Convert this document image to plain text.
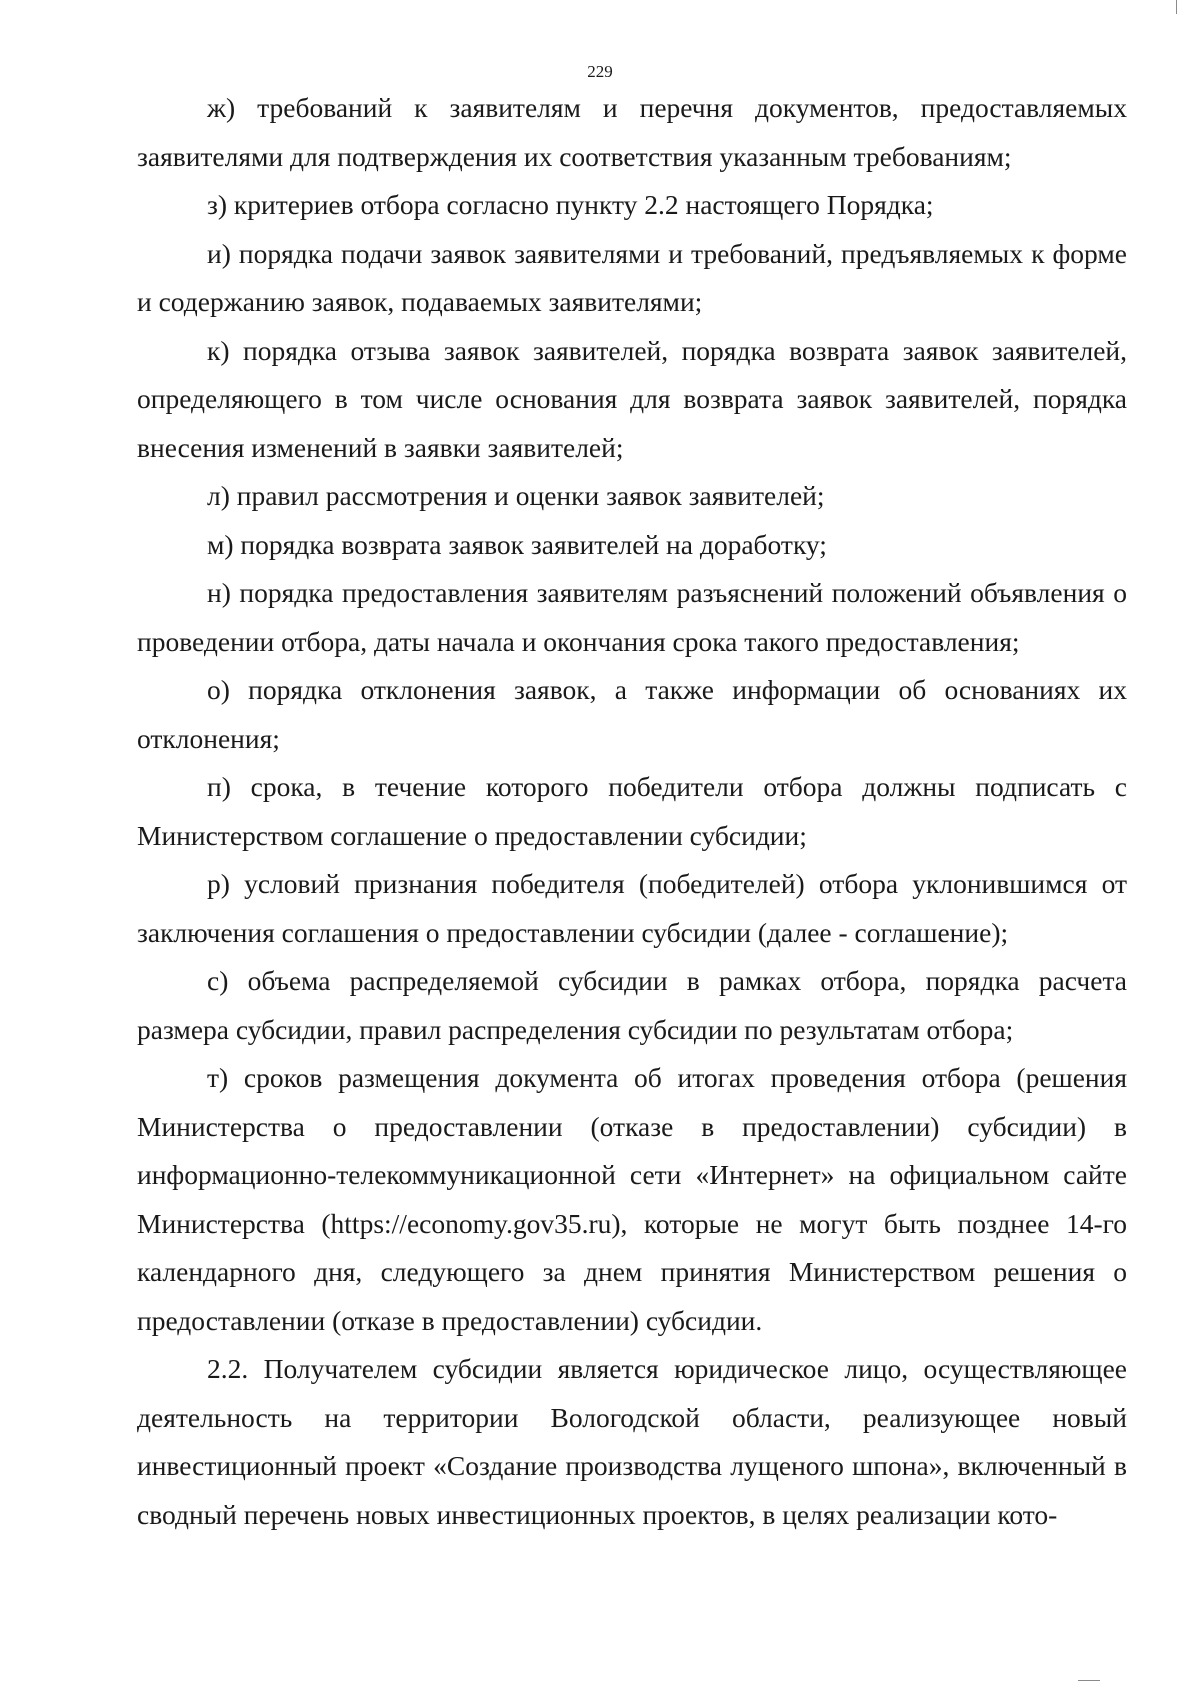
229

ж) требований к заявителям и перечня документов, предоставляемых заявителями для подтверждения их соответствия указанным требованиям;

з) критериев отбора согласно пункту 2.2 настоящего Порядка;

и) порядка подачи заявок заявителями и требований, предъявляемых к форме и содержанию заявок, подаваемых заявителями;

к) порядка отзыва заявок заявителей, порядка возврата заявок заявителей, определяющего в том числе основания для возврата заявок заявителей, порядка внесения изменений в заявки заявителей;

л) правил рассмотрения и оценки заявок заявителей;

м) порядка возврата заявок заявителей на доработку;

н) порядка предоставления заявителям разъяснений положений объявления о проведении отбора, даты начала и окончания срока такого предоставления;

о) порядка отклонения заявок, а также информации об основаниях их отклонения;

п) срока, в течение которого победители отбора должны подписать с Министерством соглашение о предоставлении субсидии;

р) условий признания победителя (победителей) отбора уклонившимся от заключения соглашения о предоставлении субсидии (далее - соглашение);

с) объема распределяемой субсидии в рамках отбора, порядка расчета размера субсидии, правил распределения субсидии по результатам отбора;

т) сроков размещения документа об итогах проведения отбора (решения Министерства о предоставлении (отказе в предоставлении) субсидии) в информационно-телекоммуникационной сети «Интернет» на официальном сайте Министерства (https://economy.gov35.ru), которые не могут быть позднее 14-го календарного дня, следующего за днем принятия Министерством решения о предоставлении (отказе в предоставлении) субсидии.

2.2. Получателем субсидии является юридическое лицо, осуществляющее деятельность на территории Вологодской области, реализующее новый инвестиционный проект «Создание производства лущеного шпона», включенный в сводный перечень новых инвестиционных проектов, в целях реализации кото-
